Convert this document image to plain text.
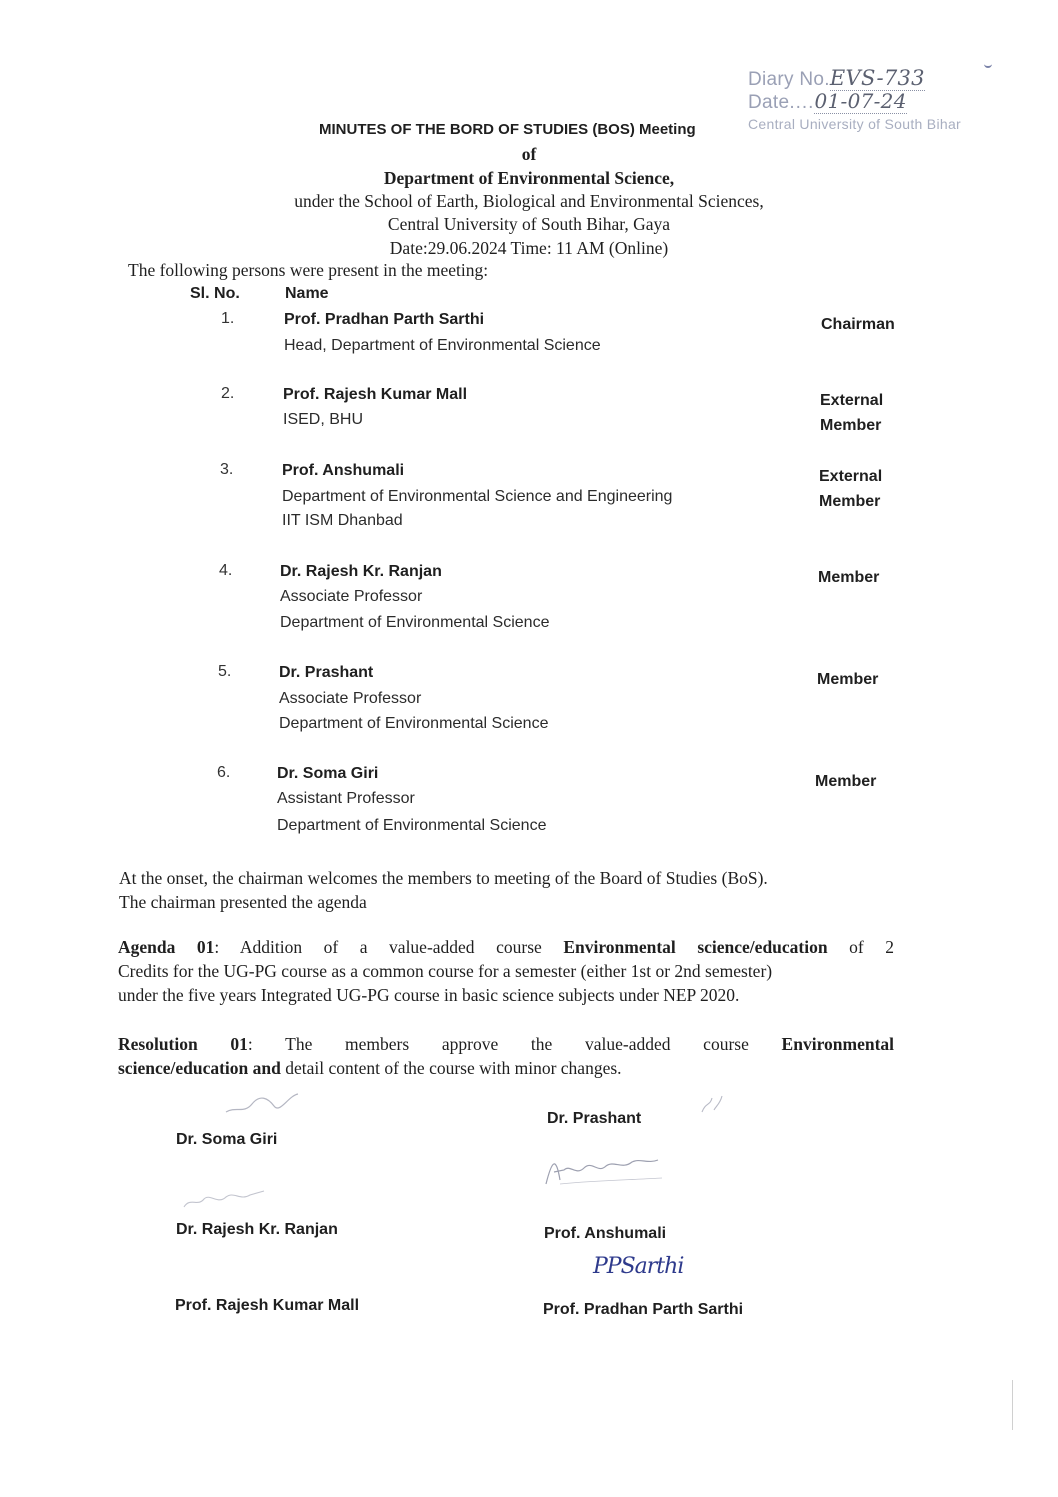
Diary No.EVS-733
Date....01-07-24
Central University of South Bihar
MINUTES OF THE BORD OF STUDIES (BOS) Meeting
of
Department of Environmental Science,
under the School of Earth, Biological and Environmental Sciences,
Central University of South Bihar, Gaya
Date:29.06.2024 Time: 11 AM (Online)
The following persons were present in the meeting:
Sl. No.	Name
1.	Prof. Pradhan Parth Sarthi
Head, Department of Environmental Science
Chairman
2.	Prof. Rajesh Kumar Mall
ISED, BHU
External
Member
3.	Prof. Anshumali
Department of Environmental Science and Engineering
IIT ISM Dhanbad
External
Member
4.	Dr. Rajesh Kr. Ranjan
Associate Professor
Department of Environmental Science
Member
5.	Dr. Prashant
Associate Professor
Department of Environmental Science
Member
6.	Dr. Soma Giri
Assistant Professor
Department of Environmental Science
Member
At the onset, the chairman welcomes the members to meeting of the Board of Studies (BoS).
The chairman presented the agenda
Agenda 01: Addition of a value-added course Environmental science/education of 2
Credits for the UG-PG course as a common course for a semester (either 1st or 2nd semester)
under the five years Integrated UG-PG course in basic science subjects under NEP 2020.
Resolution 01: The members approve the value-added course Environmental
science/education and detail content of the course with minor changes.
PPSarthi
Dr. Soma Giri
Dr. Rajesh Kr. Ranjan
Prof. Rajesh Kumar Mall
Dr. Prashant
Prof. Anshumali
Prof. Pradhan Parth Sarthi
